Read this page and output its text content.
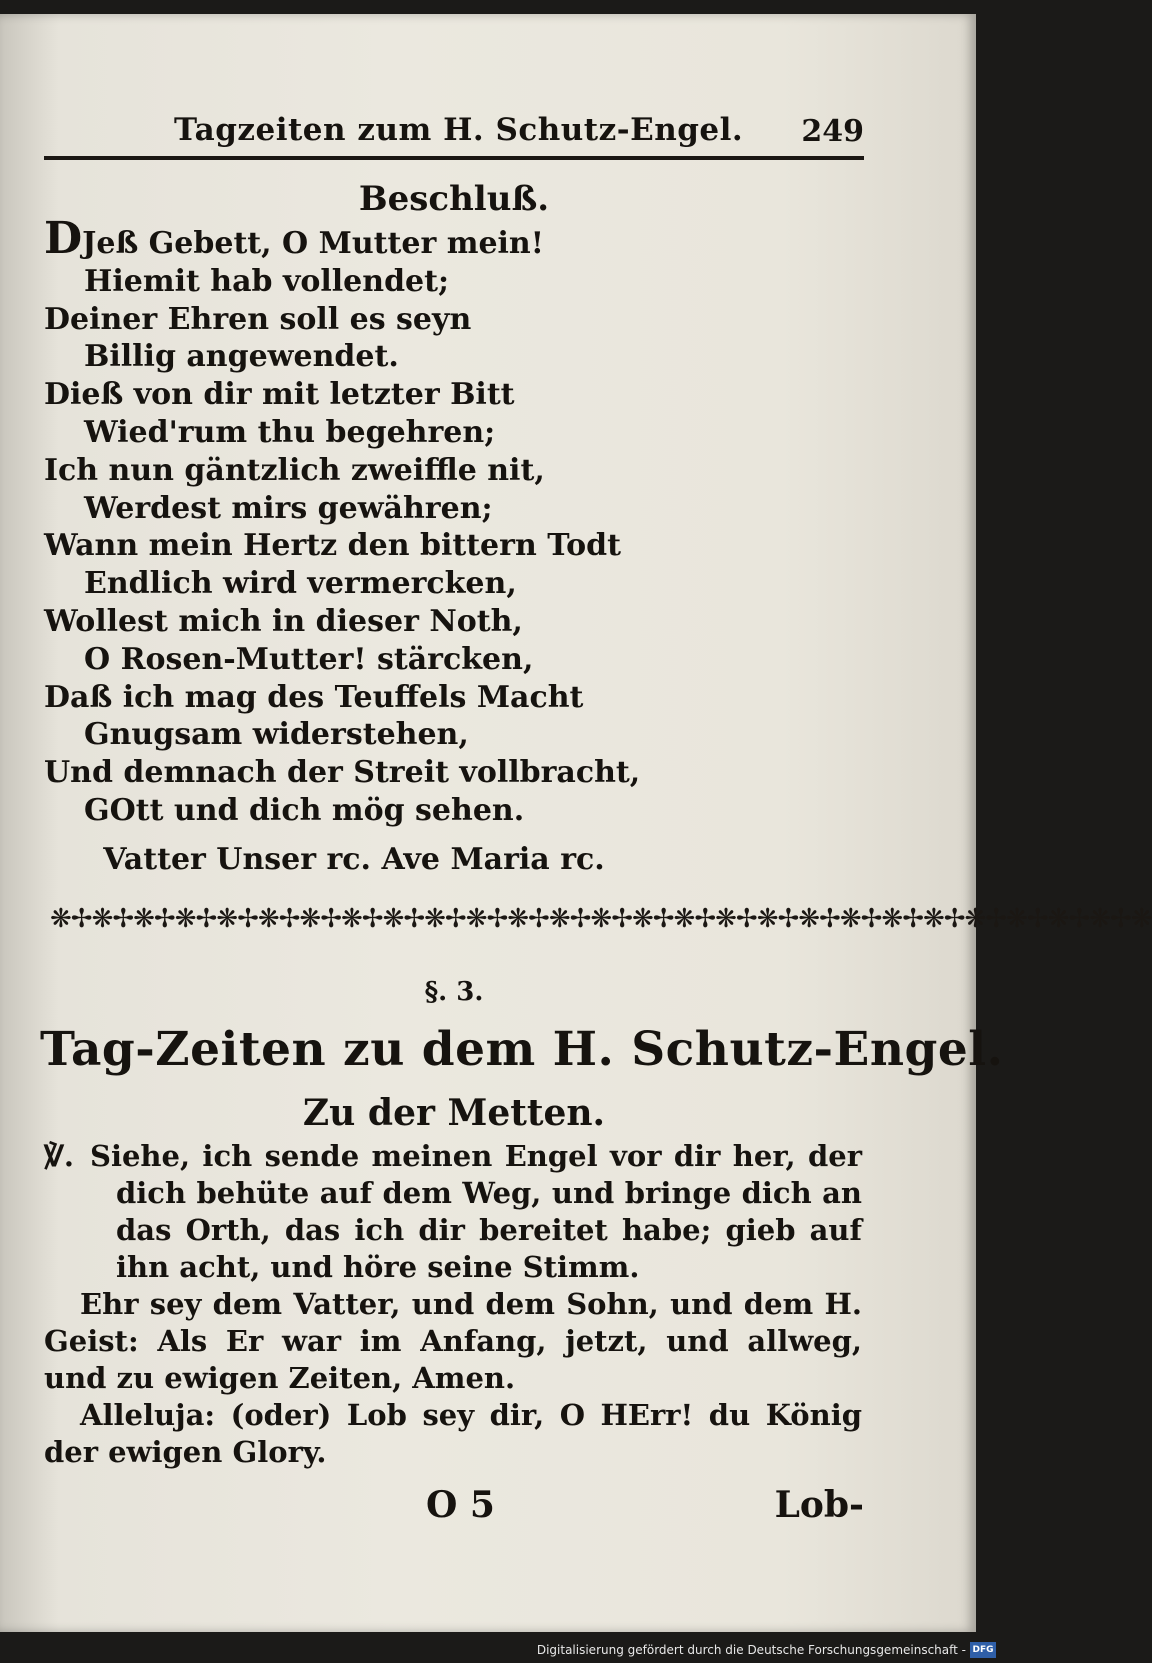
Tagzeiten zum H. Schutz-Engel. 249
Beschluß.
DJeß Gebett, O Mutter mein!
Hiemit hab vollendet;
Deiner Ehren soll es seyn
Billig angewendet.
Dieß von dir mit letzter Bitt
Wied'rum thu begehren;
Ich nun gäntzlich zweiffle nit,
Werdest mirs gewähren;
Wann mein Hertz den bittern Todt
Endlich wird vermercken,
Wollest mich in dieser Noth,
O Rosen-Mutter! stärcken,
Daß ich mag des Teuffels Macht
Gnugsam widerstehen,
Und demnach der Streit vollbracht,
GOtt und dich mög sehen.
Vatter Unser rc. Ave Maria rc.
❋✢❋✢❋✢❋✢❋✢❋✢❋✢❋✢❋✢❋✢❋✢❋✢❋✢❋✢❋✢❋✢❋✢❋✢❋✢❋✢❋✢❋✢❋✢❋✢❋✢❋✢❋
§. 3.
Tag-Zeiten zu dem H. Schutz-Engel.
Zu der Metten.

℣. Siehe, ich sende meinen Engel vor dir her, der dich behüte auf dem Weg, und bringe dich an das Orth, das ich dir bereitet habe; gieb auf ihn acht, und höre seine Stimm.

Ehr sey dem Vatter, und dem Sohn, und dem H. Geist: Als Er war im Anfang, jetzt, und allweg, und zu ewigen Zeiten, Amen.

Alleluja: (oder) Lob sey dir, O HErr! du König der ewigen Glory.

O 5	Lob-
Digitalisierung gefördert durch die Deutsche Forschungsgemeinschaft - DFG
